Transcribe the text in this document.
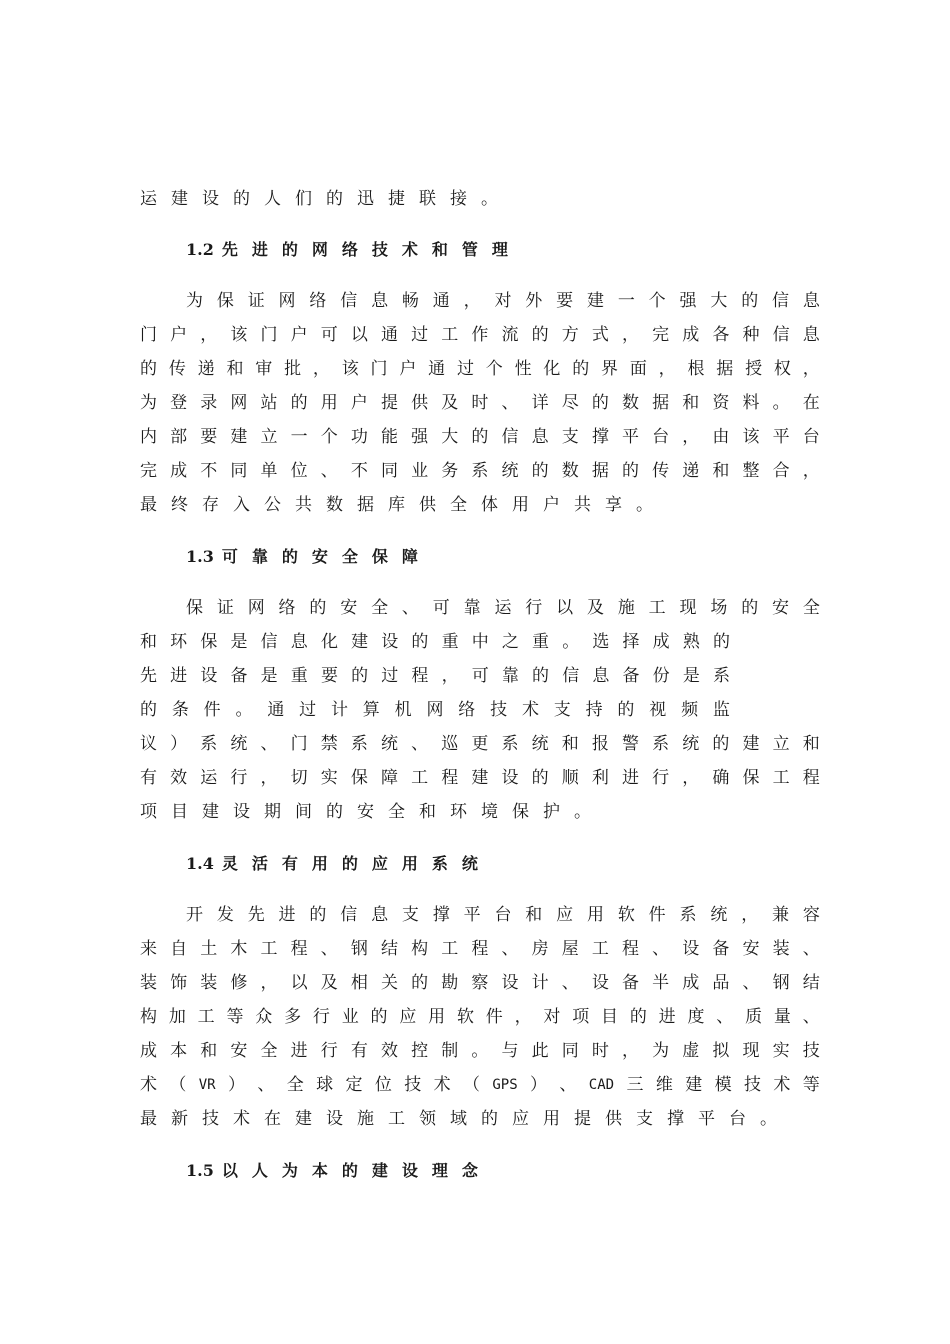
运 建 设 的 人 们 的 迅 捷 联 接 。
1.2 先进的网络技术和管理
为 保 证 网 络 信 息 畅 通 ， 对 外 要 建 一 个 强 大 的 信 息
门 户 ， 该 门 户 可 以 通 过 工 作 流 的 方 式 ， 完 成 各 种 信 息
的 传 递 和 审 批 ， 该 门 户 通 过 个 性 化 的 界 面 ， 根 据 授 权 ，
为 登 录 网 站 的 用 户 提 供 及 时 、 详 尽 的 数 据 和 资 料 。 在
内 部 要 建 立 一 个 功 能 强 大 的 信 息 支 撑 平 台 ， 由 该 平 台
完 成 不 同 单 位 、 不 同 业 务 系 统 的 数 据 的 传 递 和 整 合 ，
最 终 存 入 公 共 数 据 库 供 全 体 用 户 共 享 。
1.3 可靠的安全保障
保 证 网 络 的 安 全 、 可 靠 运 行 以 及 施 工 现 场 的 安 全
和 环 保 是 信 息 化 建 设 的 重 中 之 重 。 选 择 成 熟 的
先 进 设 备 是 重 要 的 过 程 ， 可 靠 的 信 息 备 份 是 系
的 条 件 。 通 过 计 算 机 网 络 技 术 支 持 的 视 频 监
议 ） 系 统 、 门 禁 系 统 、 巡 更 系 统 和 报 警 系 统 的 建 立 和
有 效 运 行 ， 切 实 保 障 工 程 建 设 的 顺 利 进 行 ， 确 保 工 程
项 目 建 设 期 间 的 安 全 和 环 境 保 护 。
1.4 灵活有用的应用系统
开 发 先 进 的 信 息 支 撑 平 台 和 应 用 软 件 系 统 ， 兼 容
来 自 土 木 工 程 、 钢 结 构 工 程 、 房 屋 工 程 、 设 备 安 装 、
装 饰 装 修 ， 以 及 相 关 的 勘 察 设 计 、 设 备 半 成 品 、 钢 结
构 加 工 等 众 多 行 业 的 应 用 软 件 ， 对 项 目 的 进 度 、 质 量 、
成 本 和 安 全 进 行 有 效 控 制 。 与 此 同 时 ， 为 虚 拟 现 实 技
术 （ VR ） 、 全 球 定 位 技 术 （ GPS ） 、 CAD 三 维 建 模 技 术 等
最 新 技 术 在 建 设 施 工 领 域 的 应 用 提 供 支 撑 平 台 。
1.5 以人为本的建设理念
